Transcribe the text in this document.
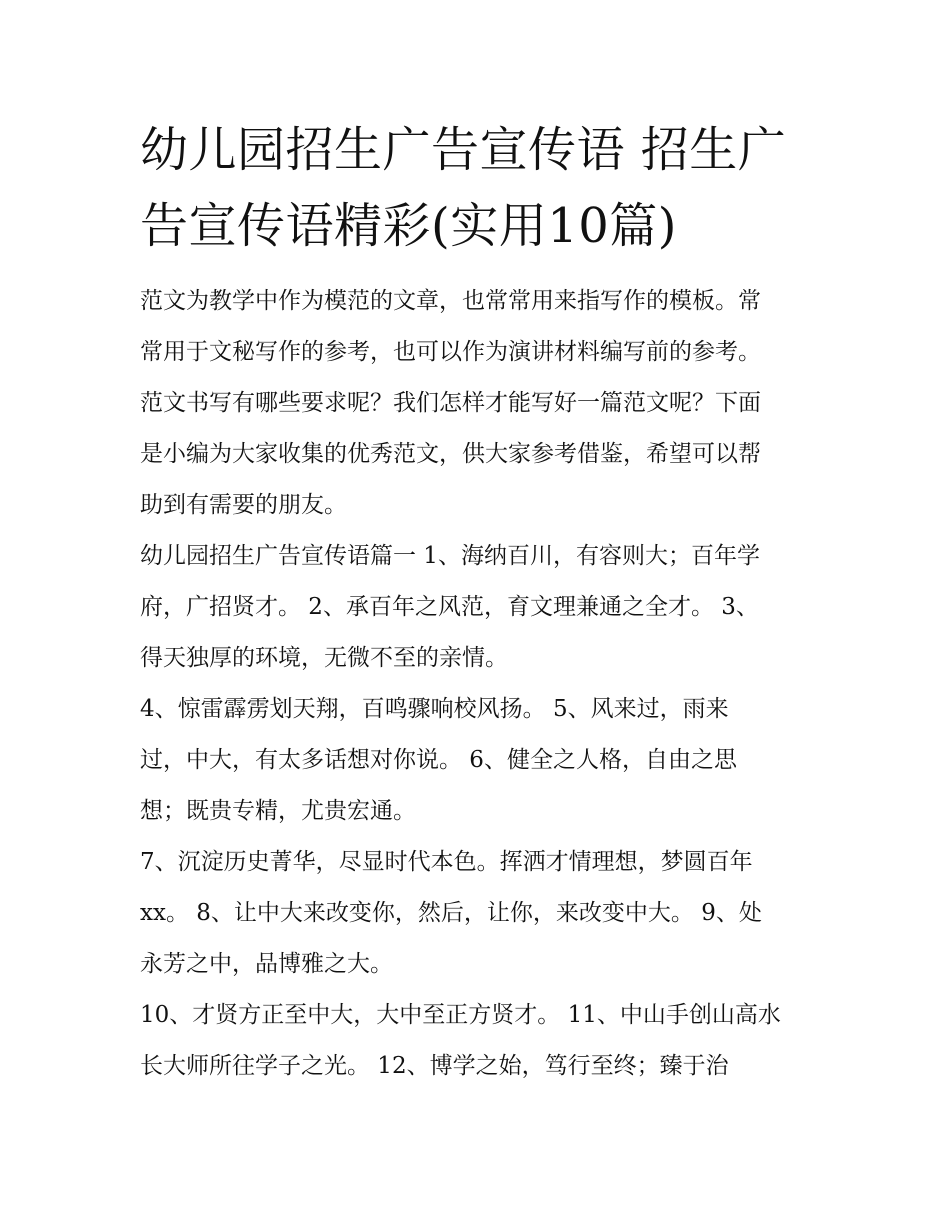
幼儿园招生广告宣传语 招生广
告宣传语精彩(实用10篇)

范文为教学中作为模范的文章，也常常用来指写作的模板。常
常用于文秘写作的参考，也可以作为演讲材料编写前的参考。
范文书写有哪些要求呢？我们怎样才能写好一篇范文呢？下面
是小编为大家收集的优秀范文，供大家参考借鉴，希望可以帮
助到有需要的朋友。

幼儿园招生广告宣传语篇一 1、海纳百川，有容则大；百年学
府，广招贤才。 2、承百年之风范，育文理兼通之全才。 3、
得天独厚的环境，无微不至的亲情。

4、惊雷霹雳划天翔，百鸣骤响校风扬。 5、风来过，雨来
过，中大，有太多话想对你说。 6、健全之人格，自由之思
想；既贵专精，尤贵宏通。

7、沉淀历史菁华，尽显时代本色。挥洒才情理想，梦圆百年
xx。 8、让中大来改变你，然后，让你，来改变中大。 9、处
永芳之中，品博雅之大。

10、才贤方正至中大，大中至正方贤才。 11、中山手创山高水
长大师所往学子之光。 12、博学之始，笃行至终；臻于治
